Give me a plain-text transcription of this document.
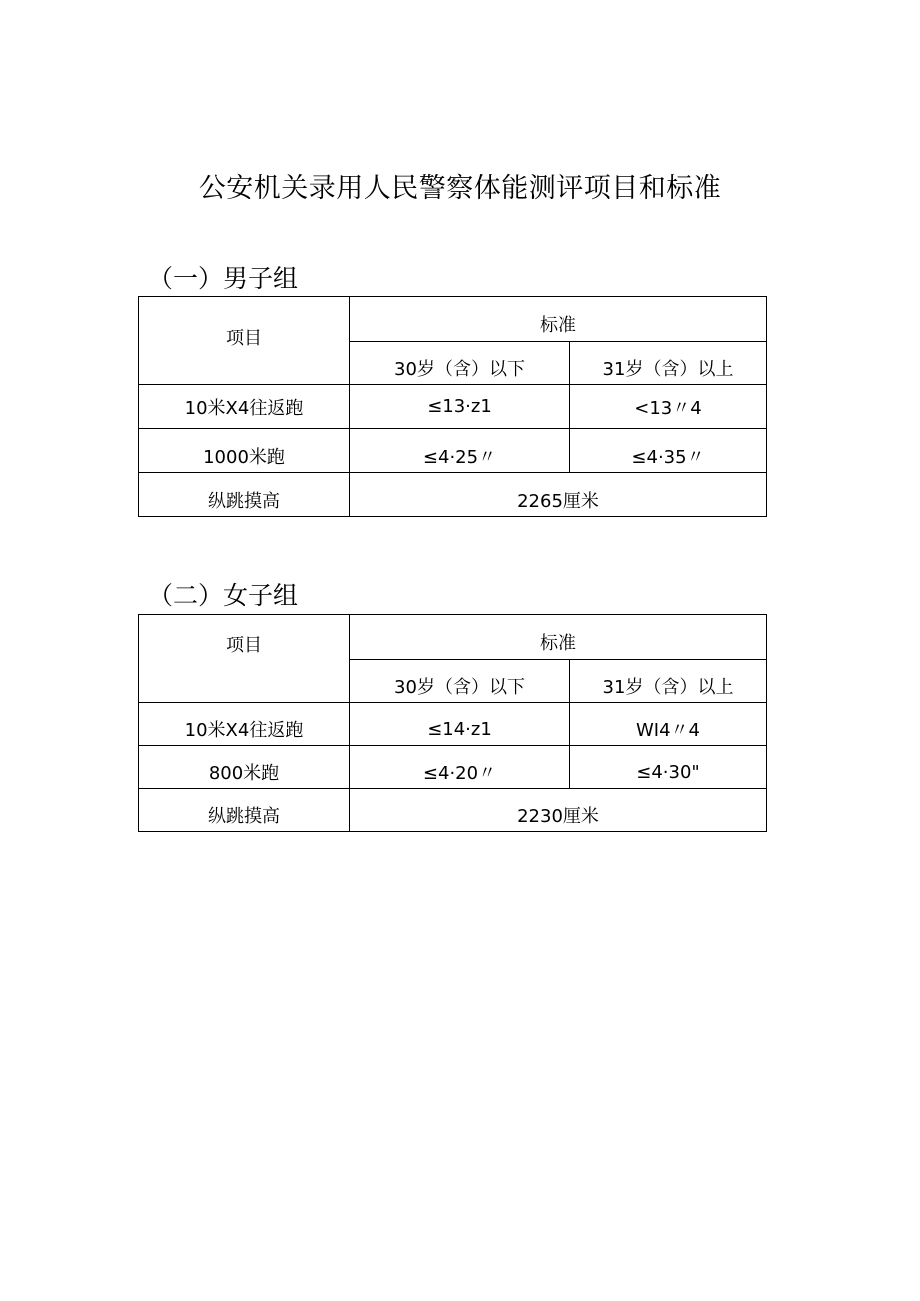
公安机关录用人民警察体能测评项目和标准
（一）男子组
项目	标准	

	30岁（含）以下	31岁（含）以上

10米X4往返跑	≤13·z1	<13〃4

1000米跑	≤4·25〃	≤4·35〃

纵跳摸高	2265厘米	
（二）女子组
项目	标准	

	30岁（含）以下	31岁（含）以上

10米X4往返跑	≤14·z1	WI4〃4

800米跑	≤4·20〃	≤4·30"

纵跳摸高	2230厘米	
